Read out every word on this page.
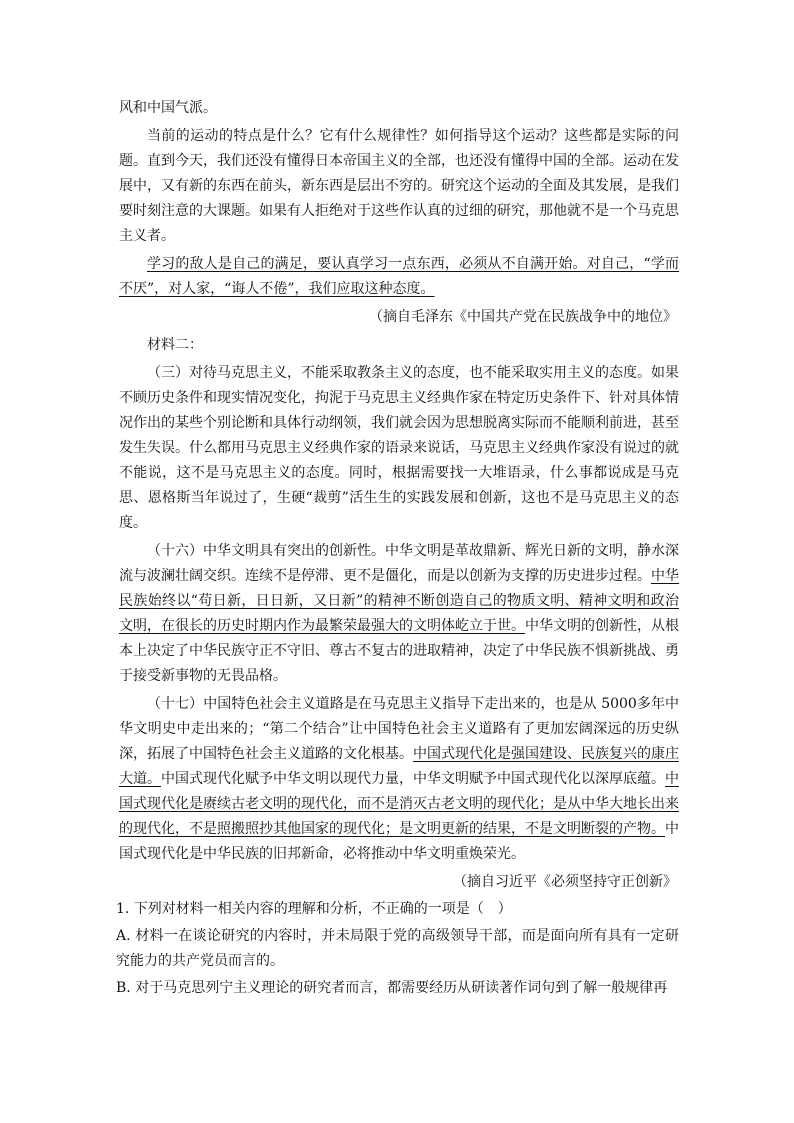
风和中国气派。

当前的运动的特点是什么？它有什么规律性？如何指导这个运动？这些都是实际的问题。直到今天，我们还没有懂得日本帝国主义的全部，也还没有懂得中国的全部。运动在发展中，又有新的东西在前头，新东西是层出不穷的。研究这个运动的全面及其发展，是我们要时刻注意的大课题。如果有人拒绝对于这些作认真的过细的研究，那他就不是一个马克思主义者。

学习的敌人是自己的满足，要认真学习一点东西，必须从不自满开始。对自己，“学而不厌”，对人家，“诲人不倦”，我们应取这种态度。

（摘自毛泽东《中国共产党在民族战争中的地位》

材料二：

（三）对待马克思主义，不能采取教条主义的态度，也不能采取实用主义的态度。如果不顾历史条件和现实情况变化，拘泥于马克思主义经典作家在特定历史条件下、针对具体情况作出的某些个别论断和具体行动纲领，我们就会因为思想脱离实际而不能顺利前进，甚至发生失误。什么都用马克思主义经典作家的语录来说话，马克思主义经典作家没有说过的就不能说，这不是马克思主义的态度。同时，根据需要找一大堆语录，什么事都说成是马克思、恩格斯当年说过了，生硬“裁剪”活生生的实践发展和创新，这也不是马克思主义的态度。

（十六）中华文明具有突出的创新性。中华文明是革故鼎新、辉光日新的文明，静水深流与波澜壮阔交织。连续不是停滞、更不是僵化，而是以创新为支撑的历史进步过程。中华民族始终以“苟日新，日日新，又日新”的精神不断创造自己的物质文明、精神文明和政治文明，在很长的历史时期内作为最繁荣最强大的文明体屹立于世。中华文明的创新性，从根本上决定了中华民族守正不守旧、尊古不复古的进取精神，决定了中华民族不惧新挑战、勇于接受新事物的无畏品格。

（十七）中国特色社会主义道路是在马克思主义指导下走出来的，也是从 5000多年中华文明史中走出来的；“第二个结合”让中国特色社会主义道路有了更加宏阔深远的历史纵深，拓展了中国特色社会主义道路的文化根基。中国式现代化是强国建设、民族复兴的康庄大道。中国式现代化赋予中华文明以现代力量，中华文明赋予中国式现代化以深厚底蕴。中国式现代化是赓续古老文明的现代化，而不是消灭古老文明的现代化；是从中华大地长出来的现代化，不是照搬照抄其他国家的现代化；是文明更新的结果，不是文明断裂的产物。中国式现代化是中华民族的旧邦新命，必将推动中华文明重焕荣光。

（摘自习近平《必须坚持守正创新》

1. 下列对材料一相关内容的理解和分析，不正确的一项是（　）

A. 材料一在谈论研究的内容时，并未局限于党的高级领导干部，而是面向所有具有一定研究能力的共产党员而言的。

B. 对于马克思列宁主义理论的研究者而言，都需要经历从研读著作词句到了解一般规律再
